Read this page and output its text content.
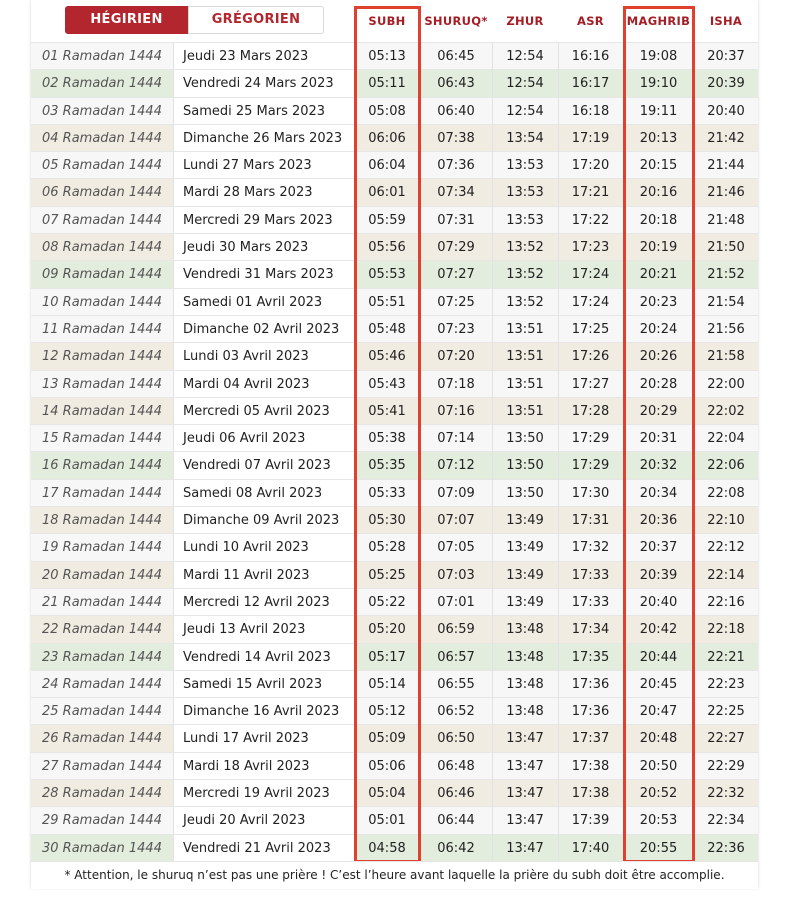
HÉGIRIEN	GRÉGORIEN	SUBH	SHURUQ*	ZHUR	ASR	MAGHRIB	ISHA
01 Ramadan 1444	Jeudi 23 Mars 2023	05:13	06:45	12:54	16:16	19:08	20:37
02 Ramadan 1444	Vendredi 24 Mars 2023	05:11	06:43	12:54	16:17	19:10	20:39
03 Ramadan 1444	Samedi 25 Mars 2023	05:08	06:40	12:54	16:18	19:11	20:40
04 Ramadan 1444	Dimanche 26 Mars 2023	06:06	07:38	13:54	17:19	20:13	21:42
05 Ramadan 1444	Lundi 27 Mars 2023	06:04	07:36	13:53	17:20	20:15	21:44
06 Ramadan 1444	Mardi 28 Mars 2023	06:01	07:34	13:53	17:21	20:16	21:46
07 Ramadan 1444	Mercredi 29 Mars 2023	05:59	07:31	13:53	17:22	20:18	21:48
08 Ramadan 1444	Jeudi 30 Mars 2023	05:56	07:29	13:52	17:23	20:19	21:50
09 Ramadan 1444	Vendredi 31 Mars 2023	05:53	07:27	13:52	17:24	20:21	21:52
10 Ramadan 1444	Samedi 01 Avril 2023	05:51	07:25	13:52	17:24	20:23	21:54
11 Ramadan 1444	Dimanche 02 Avril 2023	05:48	07:23	13:51	17:25	20:24	21:56
12 Ramadan 1444	Lundi 03 Avril 2023	05:46	07:20	13:51	17:26	20:26	21:58
13 Ramadan 1444	Mardi 04 Avril 2023	05:43	07:18	13:51	17:27	20:28	22:00
14 Ramadan 1444	Mercredi 05 Avril 2023	05:41	07:16	13:51	17:28	20:29	22:02
15 Ramadan 1444	Jeudi 06 Avril 2023	05:38	07:14	13:50	17:29	20:31	22:04
16 Ramadan 1444	Vendredi 07 Avril 2023	05:35	07:12	13:50	17:29	20:32	22:06
17 Ramadan 1444	Samedi 08 Avril 2023	05:33	07:09	13:50	17:30	20:34	22:08
18 Ramadan 1444	Dimanche 09 Avril 2023	05:30	07:07	13:49	17:31	20:36	22:10
19 Ramadan 1444	Lundi 10 Avril 2023	05:28	07:05	13:49	17:32	20:37	22:12
20 Ramadan 1444	Mardi 11 Avril 2023	05:25	07:03	13:49	17:33	20:39	22:14
21 Ramadan 1444	Mercredi 12 Avril 2023	05:22	07:01	13:49	17:33	20:40	22:16
22 Ramadan 1444	Jeudi 13 Avril 2023	05:20	06:59	13:48	17:34	20:42	22:18
23 Ramadan 1444	Vendredi 14 Avril 2023	05:17	06:57	13:48	17:35	20:44	22:21
24 Ramadan 1444	Samedi 15 Avril 2023	05:14	06:55	13:48	17:36	20:45	22:23
25 Ramadan 1444	Dimanche 16 Avril 2023	05:12	06:52	13:48	17:36	20:47	22:25
26 Ramadan 1444	Lundi 17 Avril 2023	05:09	06:50	13:47	17:37	20:48	22:27
27 Ramadan 1444	Mardi 18 Avril 2023	05:06	06:48	13:47	17:38	20:50	22:29
28 Ramadan 1444	Mercredi 19 Avril 2023	05:04	06:46	13:47	17:38	20:52	22:32
29 Ramadan 1444	Jeudi 20 Avril 2023	05:01	06:44	13:47	17:39	20:53	22:34
30 Ramadan 1444	Vendredi 21 Avril 2023	04:58	06:42	13:47	17:40	20:55	22:36
* Attention, le shuruq n’est pas une prière ! C’est l’heure avant laquelle la prière du subh doit être accomplie.
